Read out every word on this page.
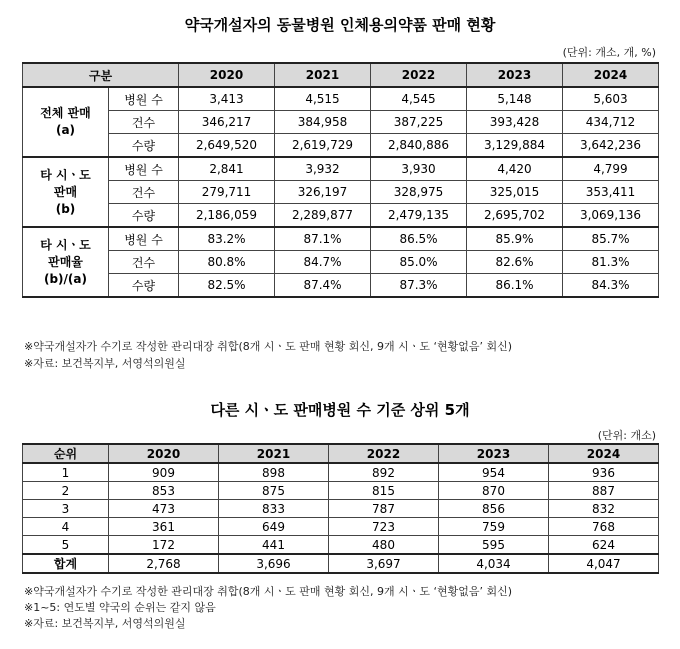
약국개설자의 동물병원 인체용의약품 판매 현황
(단위: 개소, 개, %)
구분		2020	2021	2022	2023	2024

전체 판매
(a)	병원 수	3,413	4,515	4,545	5,148	5,603
	건수	346,217	384,958	387,225	393,428	434,712
	수량	2,649,520	2,619,729	2,840,886	3,129,884	3,642,236

타 시ㆍ도
판매
(b)	병원 수	2,841	3,932	3,930	4,420	4,799
	건수	279,711	326,197	328,975	325,015	353,411
	수량	2,186,059	2,289,877	2,479,135	2,695,702	3,069,136

타 시ㆍ도
판매율
(b)/(a)	병원 수	83.2%	87.1%	86.5%	85.9%	85.7%
	건수	80.8%	84.7%	85.0%	82.6%	81.3%
	수량	82.5%	87.4%	87.3%	86.1%	84.3%
※약국개설자가 수기로 작성한 관리대장 취합(8개 시ㆍ도 판매 현황 회신, 9개 시ㆍ도 ‘현황없음’ 회신)
※자료: 보건복지부, 서영석의원실
다른 시ㆍ도 판매병원 수 기준 상위 5개
(단위: 개소)
순위	2020	2021	2022	2023	2024
1	909	898	892	954	936
2	853	875	815	870	887
3	473	833	787	856	832
4	361	649	723	759	768
5	172	441	480	595	624
합계	2,768	3,696	3,697	4,034	4,047
※약국개설자가 수기로 작성한 관리대장 취합(8개 시ㆍ도 판매 현황 회신, 9개 시ㆍ도 ‘현황없음’ 회신)
※1~5: 연도별 약국의 순위는 같지 않음
※자료: 보건복지부, 서영석의원실
